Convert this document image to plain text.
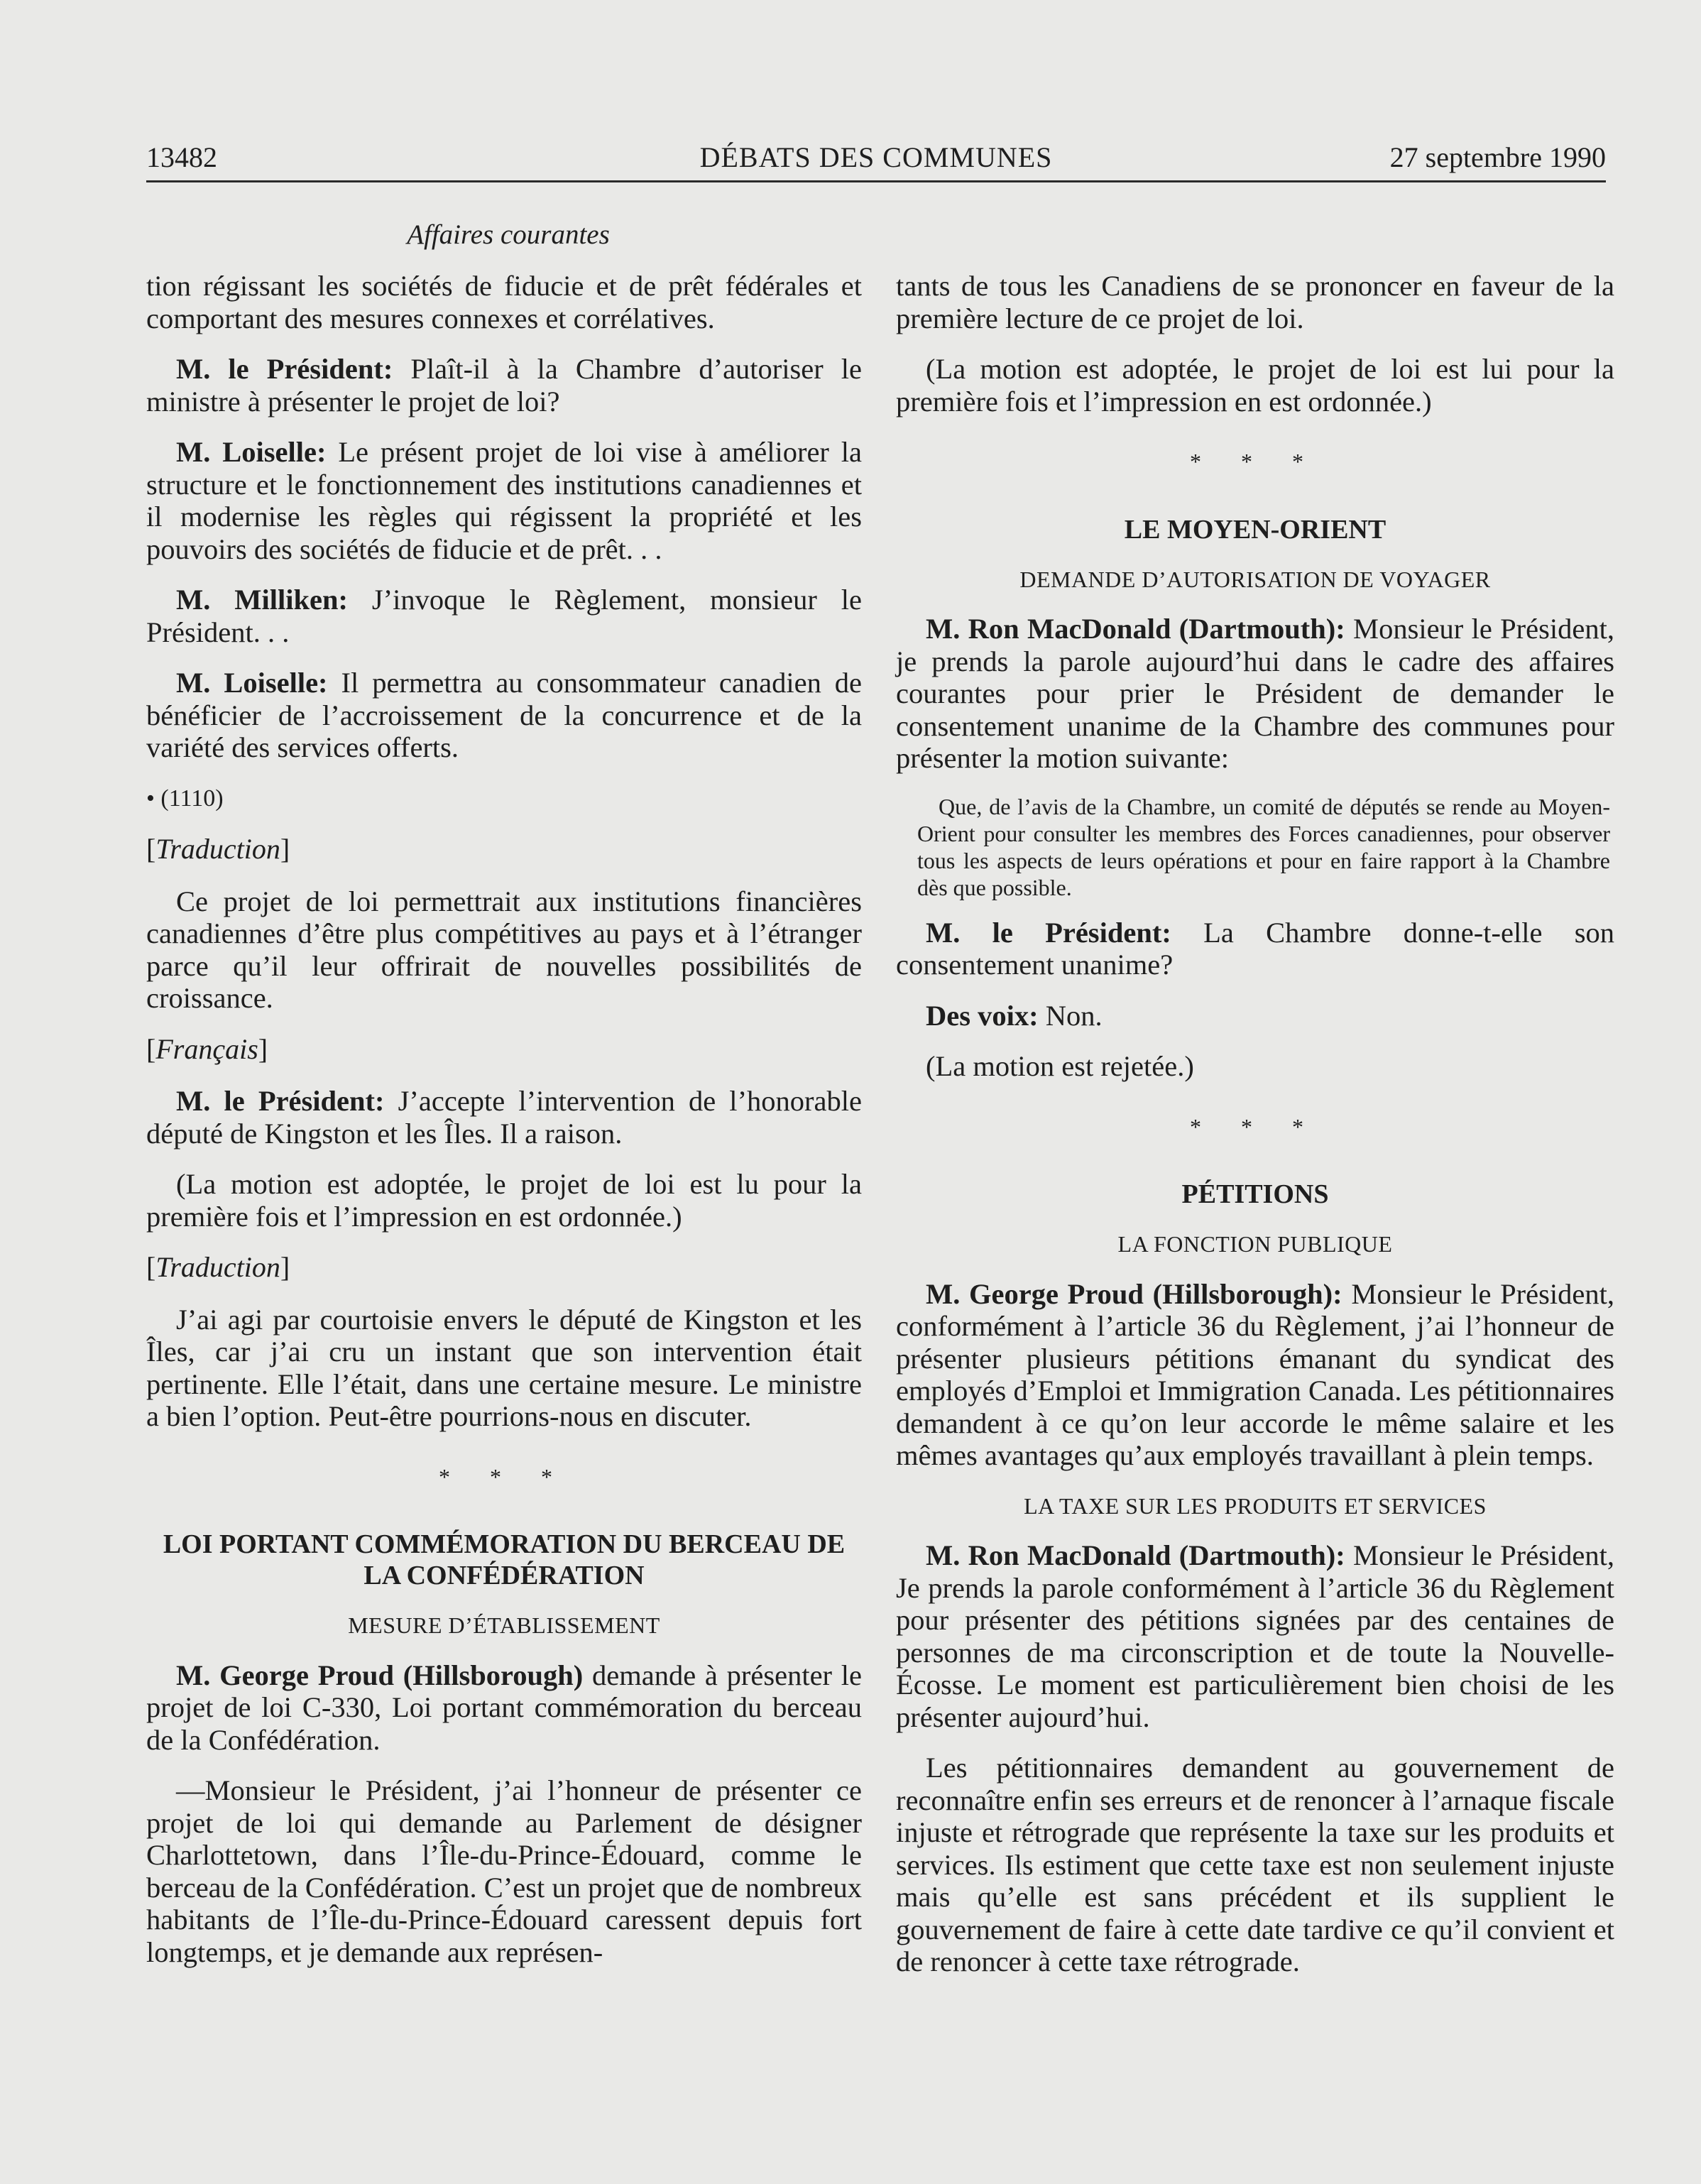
13482	DÉBATS DES COMMUNES	27 septembre 1990
Affaires courantes

tion régissant les sociétés de fiducie et de prêt fédérales et comportant des mesures connexes et corrélatives.

M. le Président: Plaît-il à la Chambre d’autoriser le ministre à présenter le projet de loi?

M. Loiselle: Le présent projet de loi vise à améliorer la structure et le fonctionnement des institutions canadiennes et il modernise les règles qui régissent la propriété et les pouvoirs des sociétés de fiducie et de prêt. . .

M. Milliken: J’invoque le Règlement, monsieur le Président. . .

M. Loiselle: Il permettra au consommateur canadien de bénéficier de l’accroissement de la concurrence et de la variété des services offerts.

• (1110)
[Traduction]

Ce projet de loi permettrait aux institutions financières canadiennes d’être plus compétitives au pays et à l’étranger parce qu’il leur offrirait de nouvelles possibilités de croissance.

[Français]

M. le Président: J’accepte l’intervention de l’honorable député de Kingston et les Îles. Il a raison.

(La motion est adoptée, le projet de loi est lu pour la première fois et l’impression en est ordonnée.)

[Traduction]

J’ai agi par courtoisie envers le député de Kingston et les Îles, car j’ai cru un instant que son intervention était pertinente. Elle l’était, dans une certaine mesure. Le ministre a bien l’option. Peut-être pourrions-nous en discuter.

* * *
LOI PORTANT COMMÉMORATION DU BERCEAU DE LA CONFÉDÉRATION
MESURE D’ÉTABLISSEMENT

M. George Proud (Hillsborough) demande à présenter le projet de loi C-330, Loi portant commémoration du berceau de la Confédération.

—Monsieur le Président, j’ai l’honneur de présenter ce projet de loi qui demande au Parlement de désigner Charlottetown, dans l’Île-du-Prince-Édouard, comme le berceau de la Confédération. C’est un projet que de nombreux habitants de l’Île-du-Prince-Édouard caressent depuis fort longtemps, et je demande aux représen-

tants de tous les Canadiens de se prononcer en faveur de la première lecture de ce projet de loi.

(La motion est adoptée, le projet de loi est lui pour la première fois et l’impression en est ordonnée.)

* * *
LE MOYEN-ORIENT
DEMANDE D’AUTORISATION DE VOYAGER

M. Ron MacDonald (Dartmouth): Monsieur le Président, je prends la parole aujourd’hui dans le cadre des affaires courantes pour prier le Président de demander le consentement unanime de la Chambre des communes pour présenter la motion suivante:

Que, de l’avis de la Chambre, un comité de députés se rende au Moyen-Orient pour consulter les membres des Forces canadiennes, pour observer tous les aspects de leurs opérations et pour en faire rapport à la Chambre dès que possible.

M. le Président: La Chambre donne-t-elle son consentement unanime?

Des voix: Non.

(La motion est rejetée.)

* * *
PÉTITIONS
LA FONCTION PUBLIQUE

M. George Proud (Hillsborough): Monsieur le Président, conformément à l’article 36 du Règlement, j’ai l’honneur de présenter plusieurs pétitions émanant du syndicat des employés d’Emploi et Immigration Canada. Les pétitionnaires demandent à ce qu’on leur accorde le même salaire et les mêmes avantages qu’aux employés travaillant à plein temps.

LA TAXE SUR LES PRODUITS ET SERVICES

M. Ron MacDonald (Dartmouth): Monsieur le Président, Je prends la parole conformément à l’article 36 du Règlement pour présenter des pétitions signées par des centaines de personnes de ma circonscription et de toute la Nouvelle-Écosse. Le moment est particulièrement bien choisi de les présenter aujourd’hui.

Les pétitionnaires demandent au gouvernement de reconnaître enfin ses erreurs et de renoncer à l’arnaque fiscale injuste et rétrograde que représente la taxe sur les produits et services. Ils estiment que cette taxe est non seulement injuste mais qu’elle est sans précédent et ils supplient le gouvernement de faire à cette date tardive ce qu’il convient et de renoncer à cette taxe rétrograde.
